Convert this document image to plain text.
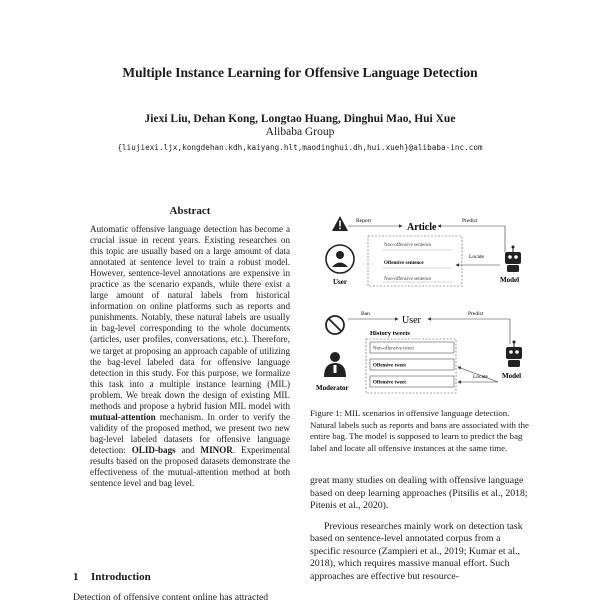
Multiple Instance Learning for Offensive Language Detection
Jiexi Liu, Dehan Kong, Longtao Huang, Dinghui Mao, Hui Xue
Alibaba Group
{liujiexi.ljx,kongdehan.kdh,kaiyang.hlt,maodinghui.dh,hui.xueh}@alibaba-inc.com
Abstract
Automatic offensive language detection has become a crucial issue in recent years. Existing researches on this topic are usually based on a large amount of data annotated at sentence level to train a robust model. However, sentence-level annotations are expensive in practice as the scenario expands, while there exist a large amount of natural labels from historical information on online platforms such as reports and punishments. Notably, these natural labels are usually in bag-level corresponding to the whole documents (articles, user profiles, conversations, etc.). Therefore, we target at proposing an approach capable of utilizing the bag-level labeled data for offensive language detection in this study. For this purpose, we formalize this task into a multiple instance learning (MIL) problem. We break down the design of existing MIL methods and propose a hybrid fusion MIL model with mutual-attention mechanism. In order to verify the validity of the proposed method, we present two new bag-level labeled datasets for offensive language detection: OLID-bags and MINOR. Experimental results based on the proposed datasets demonstrate the effectiveness of the mutual-attention method at both sentence level and bag level.
1 Introduction
Detection of offensive content online has attracted
Article
Report	Predict
Non-offensive sentence
Offensive sentence
Non-offensive sentence
Locate
User	Model
Ban
User
Predict
History tweets
Non-offensive tweet
Offensive tweet
Offensive tweet
Locate
Moderator
Model
Figure 1: MIL scenarios in offensive language detection. Natural labels such as reports and bans are associated with the entire bag. The model is supposed to learn to predict the bag label and locate all offensive instances at the same time.

great many studies on dealing with offensive language based on deep learning approaches (Pitsilis et al., 2018; Pitenis et al., 2020).

Previous researches mainly work on detection task based on sentence-level annotated corpus from a specific resource (Zampieri et al., 2019; Kumar et al., 2018), which requires massive manual effort. Such approaches are effective but resource-
